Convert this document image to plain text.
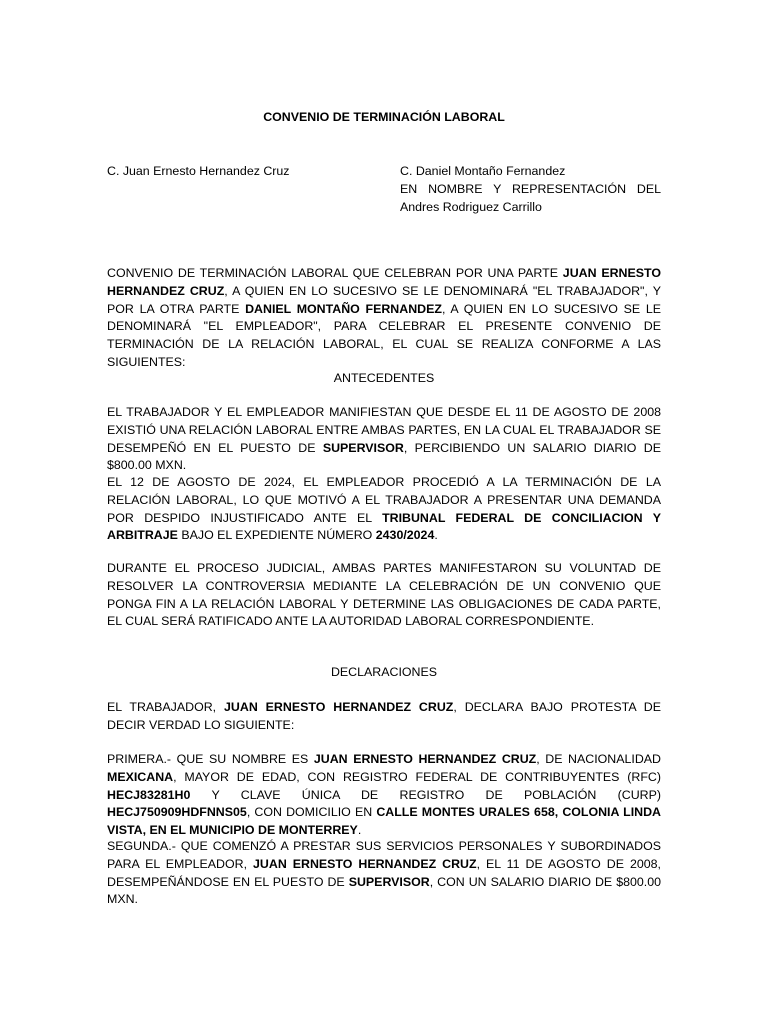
CONVENIO DE TERMINACIÓN LABORAL
C. Juan Ernesto Hernandez Cruz	C. Daniel Montaño Fernandez
EN NOMBRE Y REPRESENTACIÓN DEL Andres Rodriguez Carrillo
CONVENIO DE TERMINACIÓN LABORAL QUE CELEBRAN POR UNA PARTE JUAN ERNESTO HERNANDEZ CRUZ, A QUIEN EN LO SUCESIVO SE LE DENOMINARÁ "EL TRABAJADOR", Y POR LA OTRA PARTE DANIEL MONTAÑO FERNANDEZ, A QUIEN EN LO SUCESIVO SE LE DENOMINARÁ "EL EMPLEADOR", PARA CELEBRAR EL PRESENTE CONVENIO DE TERMINACIÓN DE LA RELACIÓN LABORAL, EL CUAL SE REALIZA CONFORME A LAS SIGUIENTES:
ANTECEDENTES
EL TRABAJADOR Y EL EMPLEADOR MANIFIESTAN QUE DESDE EL 11 DE AGOSTO DE 2008 EXISTIÓ UNA RELACIÓN LABORAL ENTRE AMBAS PARTES, EN LA CUAL EL TRABAJADOR SE DESEMPEÑÓ EN EL PUESTO DE SUPERVISOR, PERCIBIENDO UN SALARIO DIARIO DE $800.00 MXN.
EL 12 DE AGOSTO DE 2024, EL EMPLEADOR PROCEDIÓ A LA TERMINACIÓN DE LA RELACIÓN LABORAL, LO QUE MOTIVÓ A EL TRABAJADOR A PRESENTAR UNA DEMANDA POR DESPIDO INJUSTIFICADO ANTE EL TRIBUNAL FEDERAL DE CONCILIACION Y ARBITRAJE BAJO EL EXPEDIENTE NÚMERO 2430/2024.
DURANTE EL PROCESO JUDICIAL, AMBAS PARTES MANIFESTARON SU VOLUNTAD DE RESOLVER LA CONTROVERSIA MEDIANTE LA CELEBRACIÓN DE UN CONVENIO QUE PONGA FIN A LA RELACIÓN LABORAL Y DETERMINE LAS OBLIGACIONES DE CADA PARTE, EL CUAL SERÁ RATIFICADO ANTE LA AUTORIDAD LABORAL CORRESPONDIENTE.
DECLARACIONES
EL TRABAJADOR, JUAN ERNESTO HERNANDEZ CRUZ, DECLARA BAJO PROTESTA DE DECIR VERDAD LO SIGUIENTE:
PRIMERA.- QUE SU NOMBRE ES JUAN ERNESTO HERNANDEZ CRUZ, DE NACIONALIDAD MEXICANA, MAYOR DE EDAD, CON REGISTRO FEDERAL DE CONTRIBUYENTES (RFC) HECJ83281H0 Y CLAVE ÚNICA DE REGISTRO DE POBLACIÓN (CURP) HECJ750909HDFNNS05, CON DOMICILIO EN CALLE MONTES URALES 658, COLONIA LINDA VISTA, EN EL MUNICIPIO DE MONTERREY.
SEGUNDA.- QUE COMENZÓ A PRESTAR SUS SERVICIOS PERSONALES Y SUBORDINADOS PARA EL EMPLEADOR, JUAN ERNESTO HERNANDEZ CRUZ, EL 11 DE AGOSTO DE 2008, DESEMPEÑÁNDOSE EN EL PUESTO DE SUPERVISOR, CON UN SALARIO DIARIO DE $800.00 MXN.
